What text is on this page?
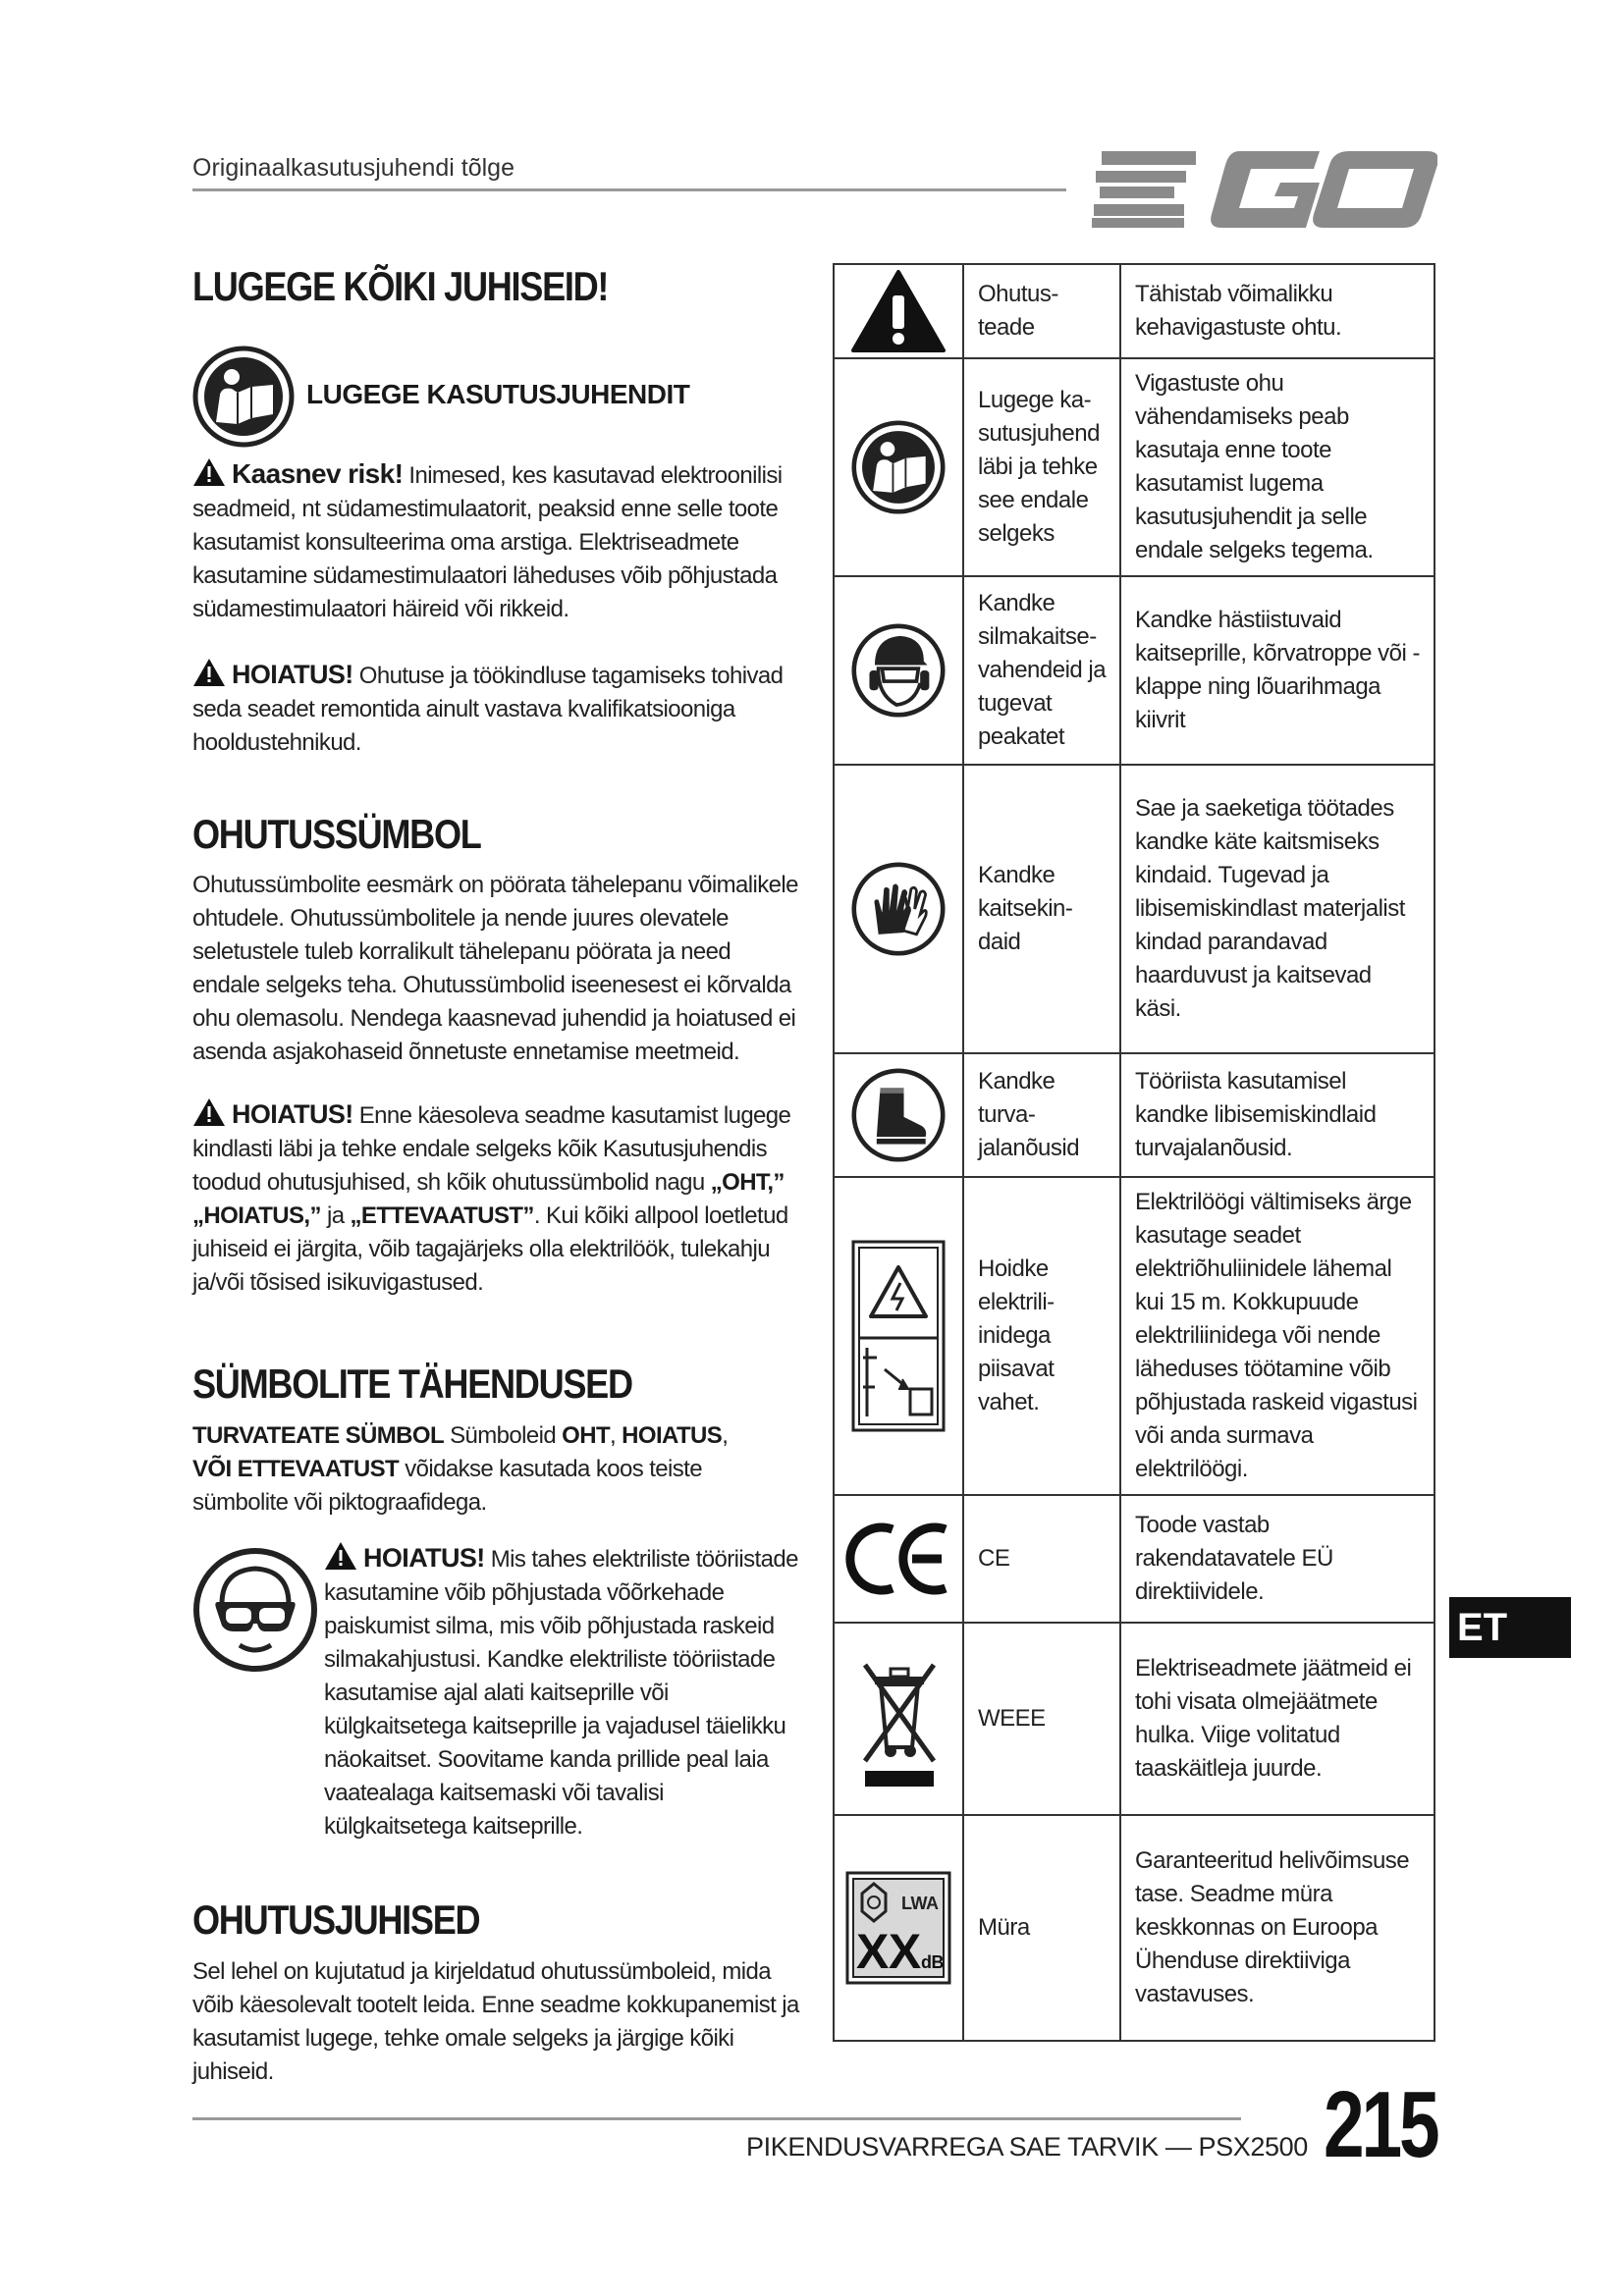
Originaalkasutusjuhendi tõlge
LUGEGE KÕIKI JUHISEID!
LUGEGE KASUTUSJUHENDIT

Kaasnev risk! Inimesed, kes kasutavad elektroonilisi seadmeid, nt südamestimulaatorit, peaksid enne selle toote kasutamist konsulteerima oma arstiga. Elektriseadmete kasutamine südamestimulaatori läheduses võib põhjustada südamestimulaatori häireid või rikkeid.

HOIATUS! Ohutuse ja töökindluse tagamiseks tohivad seda seadet remontida ainult vastava kvalifikatsiooniga hooldustehnikud.

OHUTUSSÜMBOL

Ohutussümbolite eesmärk on pöörata tähelepanu võimalikele ohtudele. Ohutussümbolitele ja nende juures olevatele seletustele tuleb korralikult tähelepanu pöörata ja need endale selgeks teha. Ohutussümbolid iseenesest ei kõrvalda ohu olemasolu. Nendega kaasnevad juhendid ja hoiatused ei asenda asjakohaseid õnnetuste ennetamise meetmeid.

HOIATUS! Enne käesoleva seadme kasutamist lugege kindlasti läbi ja tehke endale selgeks kõik Kasutusjuhendis toodud ohutusjuhised, sh kõik ohutussümbolid nagu „OHT,” „HOIATUS,” ja „ETTEVAATUST”. Kui kõiki allpool loetletud juhiseid ei järgita, võib tagajärjeks olla elektrilöök, tulekahju ja/või tõsised isikuvigastused.

SÜMBOLITE TÄHENDUSED

TURVATEATE SÜMBOL Sümboleid OHT, HOIATUS,
VÕI ETTEVAATUST võidakse kasutada koos teiste sümbolite või piktograafidega.

HOIATUS! Mis tahes elektriliste tööriistade kasutamine võib põhjustada võõrkehade paiskumist silma, mis võib põhjustada raskeid silmakahjustusi. Kandke elektriliste tööriistade kasutamise ajal alati kaitseprille või külgkaitsetega kaitseprille ja vajadusel täielikku näokaitset. Soovitame kanda prillide peal laia vaatealaga kaitsemaski või tavalisi külgkaitsetega kaitseprille.

OHUTUSJUHISED

Sel lehel on kujutatud ja kirjeldatud ohutussümboleid, mida võib käesolevalt tootelt leida. Enne seadme kokkupanemist ja kasutamist lugege, tehke omale selgeks ja järgige kõiki juhiseid.

	Ohutus-teade	Tähistab võimalikku kehavigastuste ohtu.

	Lugege ka-sutusjuhend läbi ja tehke see endale selgeks	Vigastuste ohu vähendamiseks peab kasutaja enne toote kasutamist lugema kasutusjuhendit ja selle endale selgeks tegema.

	Kandke silmakaitse-vahendeid ja tugevat peakatet	Kandke hästiistuvaid kaitseprille, kõrvatroppe või -klappe ning lõuarihmaga kiivrit

	Kandke kaitsekin-daid	Sae ja saeketiga töötades kandke käte kaitsmiseks kindaid. Tugevad ja libisemiskindlast materjalist kindad parandavad haarduvust ja kaitsevad käsi.

	Kandke turva-jalanõusid	Tööriista kasutamisel kandke libisemiskindlaid turvajalanõusid.

	Hoidke elektrili-inidega piisavat vahet.	Elektrilöögi vältimiseks ärge kasutage seadet elektriõhuliinidele lähemal kui 15 m. Kokkupuude elektriliinidega või nende läheduses töötamine võib põhjustada raskeid vigastusi või anda surmava elektrilöögi.

	CE	Toode vastab rakendatavatele EÜ direktiividele.

	WEEE	Elektriseadmete jäätmeid ei tohi visata olmejäätmete hulka. Viige volitatud taaskäitleja juurde.

LWA
XX dB	Müra	Garanteeritud helivõimsuse tase. Seadme müra keskkonnas on Euroopa Ühenduse direktiiviga vastavuses.
ET
PIKENDUSVARREGA SAE TARVIK — PSX2500 215
